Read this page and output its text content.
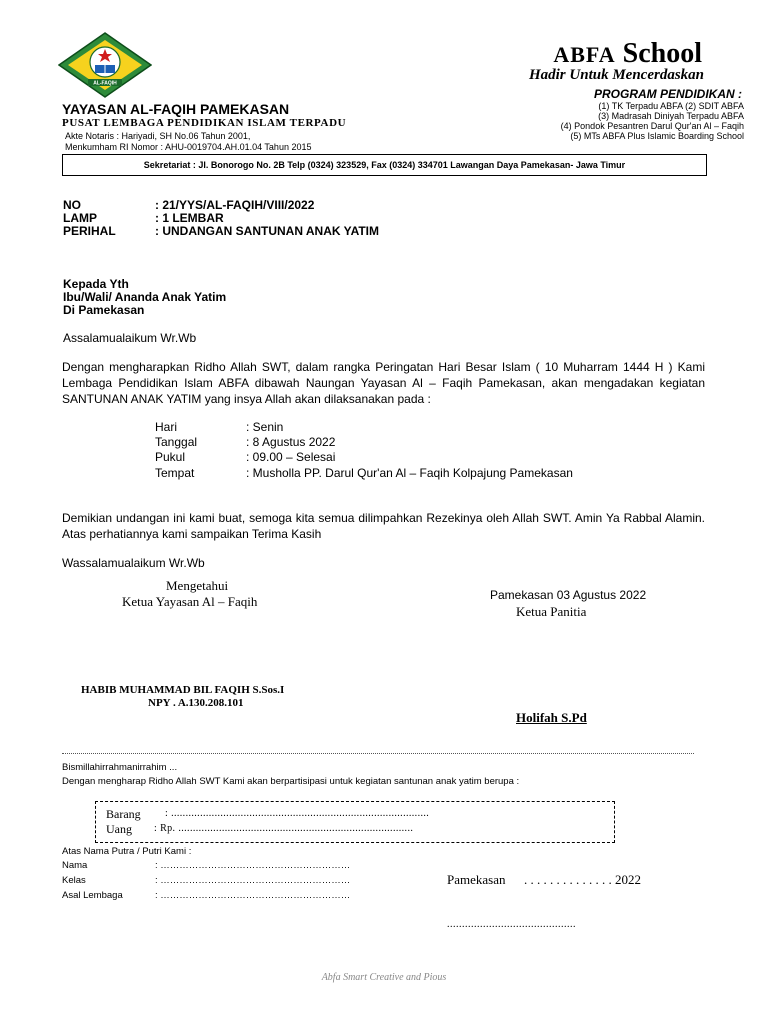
AL-FAQIH
YAYASAN AL-FAQIH PAMEKASAN
PUSAT LEMBAGA PENDIDIKAN ISLAM TERPADU
Akte Notaris : Hariyadi, SH No.06 Tahun 2001,
Menkumham RI Nomor : AHU-0019704.AH.01.04 Tahun 2015
ABFA School
Hadir Untuk Mencerdaskan
PROGRAM PENDIDIKAN :
(1) TK Terpadu ABFA (2) SDIT ABFA
(3) Madrasah Diniyah Terpadu ABFA
(4) Pondok Pesantren Darul Qur'an Al – Faqih
(5) MTs ABFA Plus Islamic Boarding School
Sekretariat : Jl. Bonorogo No. 2B Telp (0324) 323529, Fax (0324) 334701 Lawangan Daya Pamekasan- Jawa Timur
NO	: 21/YYS/AL-FAQIH/VIII/2022
LAMP	: 1 LEMBAR
PERIHAL	: UNDANGAN SANTUNAN ANAK YATIM
Kepada Yth
Ibu/Wali/ Ananda Anak Yatim
Di Pamekasan
Assalamualaikum Wr.Wb
Dengan mengharapkan Ridho Allah SWT, dalam rangka Peringatan Hari Besar Islam ( 10 Muharram 1444 H ) Kami Lembaga Pendidikan Islam ABFA dibawah Naungan Yayasan Al – Faqih Pamekasan, akan mengadakan kegiatan SANTUNAN ANAK YATIM yang insya Allah akan dilaksanakan pada :
Hari	: Senin
Tanggal	: 8 Agustus 2022
Pukul	: 09.00 – Selesai
Tempat	: Musholla PP. Darul Qur'an Al – Faqih Kolpajung Pamekasan
Demikian undangan ini kami buat, semoga kita semua dilimpahkan Rezekinya oleh Allah SWT. Amin Ya Rabbal Alamin. Atas perhatiannya kami sampaikan Terima Kasih
Wassalamualaikum Wr.Wb
Mengetahui
Ketua Yayasan Al – Faqih	Pamekasan 03 Agustus 2022
Ketua Panitia
HABIB MUHAMMAD BIL FAQIH S.Sos.I
NPY . A.130.208.101
Holifah S.Pd
Bismillahirrahmanirrahim ...
Dengan mengharap Ridho Allah SWT Kami akan berpartisipasi untuk kegiatan santunan anak yatim berupa :
Barang : .........................................................................................
Uang : Rp. .................................................................................
Atas Nama Putra / Putri Kami :
Nama	: ……………………………………………………
Kelas	: ……………………………………………………
Asal Lembaga	: ……………………………………………………
Pamekasan . . . . . . . . . . . . . . 2022
...........................................
Abfa Smart Creative and Pious
